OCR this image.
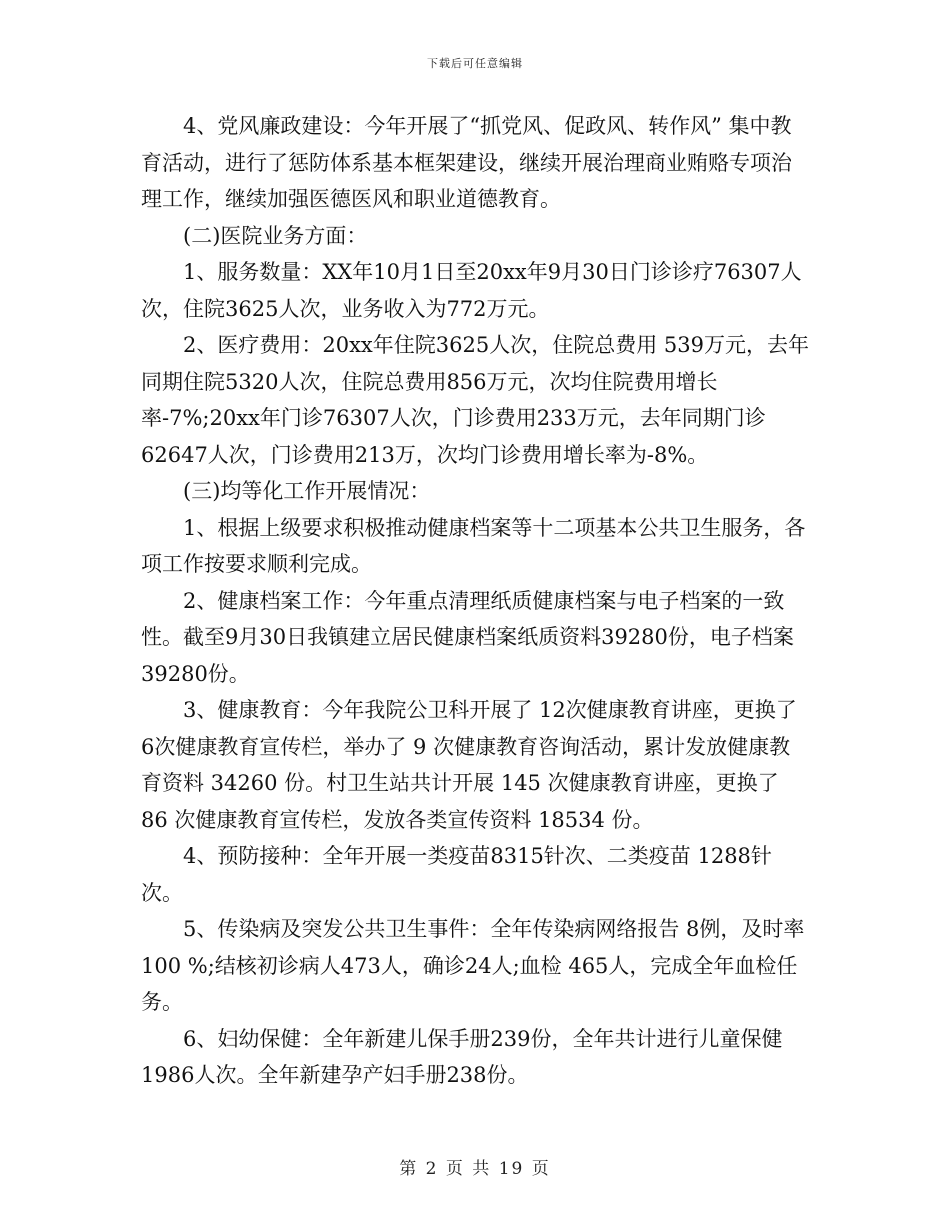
下载后可任意编辑

4、党风廉政建设：今年开展了“抓党风、促政风、转作风” 集中教育活动，进行了惩防体系基本框架建设，继续开展治理商业贿赂专项治理工作，继续加强医德医风和职业道德教育。

(二)医院业务方面：

1、服务数量：XX年10月1日至20xx年9月30日门诊诊疗76307人次，住院3625人次，业务收入为772万元。

2、医疗费用：20xx年住院3625人次，住院总费用 539万元，去年同期住院5320人次，住院总费用856万元，次均住院费用增长率-7%;20xx年门诊76307人次，门诊费用233万元，去年同期门诊62647人次，门诊费用213万，次均门诊费用增长率为-8%。

(三)均等化工作开展情况：

1、根据上级要求积极推动健康档案等十二项基本公共卫生服务，各项工作按要求顺利完成。

2、健康档案工作：今年重点清理纸质健康档案与电子档案的一致性。截至9月30日我镇建立居民健康档案纸质资料39280份，电子档案39280份。

3、健康教育：今年我院公卫科开展了 12次健康教育讲座，更换了 6次健康教育宣传栏，举办了 9 次健康教育咨询活动，累计发放健康教育资料 34260 份。村卫生站共计开展 145 次健康教育讲座，更换了 86 次健康教育宣传栏，发放各类宣传资料 18534 份。

4、预防接种：全年开展一类疫苗8315针次、二类疫苗 1288针次。

5、传染病及突发公共卫生事件：全年传染病网络报告 8例，及时率100 %;结核初诊病人473人，确诊24人;血检 465人，完成全年血检任务。

6、妇幼保健：全年新建儿保手册239份，全年共计进行儿童保健1986人次。全年新建孕产妇手册238份。

第 2 页 共 19 页
